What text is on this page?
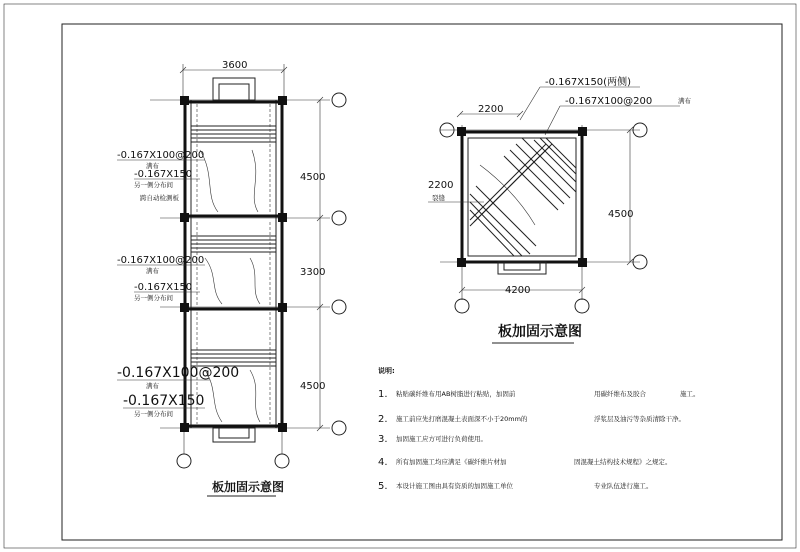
3600
4500
3300
4500
-0.167X100@200
满布
-0.167X150
另一侧分布间
跨自动检测板
-0.167X100@200
满布
-0.167X150
另一侧分布间
-0.167X100@200
满布
-0.167X150
另一侧分布间
板加固示意图
-0.167X150(两侧)
-0.167X100@200	满布
2200
2200
裂缝
4500
4200
板加固示意图
说明:
1. 粘贴碳纤维布用AB树脂进行粘贴，加固前	用碳纤维布及胶合	施工。
2. 施工前应先打磨混凝土表面深不小于20mm的	浮浆层及油污等杂质清除干净。
3. 加固施工应方可进行负荷使用。
4. 所有加固施工均应满足《碳纤维片材加	固混凝土结构技术规程》之规定。
5. 本设计施工图由具有资质的加固施工单位	专业队伍进行施工。
